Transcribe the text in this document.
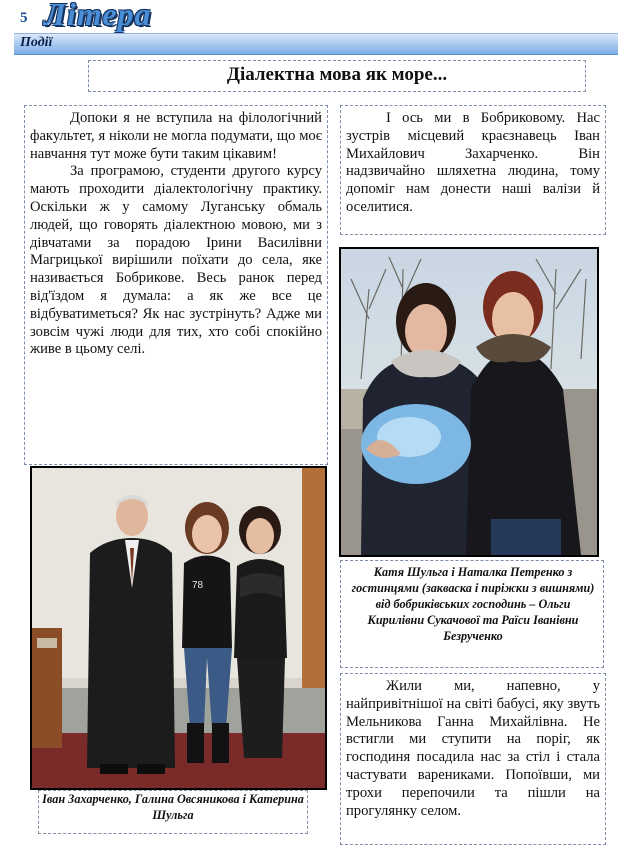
5 Літера
Події
Діалектна мова як море...

Допоки я не вступила на філологічний факультет, я ніколи не могла подумати, що моє навчання тут може бути таким цікавим!

За програмою, студенти другого курсу мають проходити діалектологічну практику. Оскільки ж у самому Луганську обмаль людей, що говорять діалектною мовою, ми з дівчатами за порадою Ірини Василівни Магрицької вирішили поїхати до села, яке називається Бобрикове. Весь ранок перед від'їздом я думала: а як же все це відбуватиметься? Як нас зустрінуть? Адже ми зовсім чужі люди для тих, хто собі спокійно живе в цьому селі.

І ось ми в Бобриковому. Нас зустрів місцевий краєзнавець Іван Михайлович Захарченко. Він надзвичайно шляхетна людина, тому допоміг нам донести наші валізи й оселитися.

Катя Шульга і Наталка Петренко з гостинцями (закваска і пиріжки з вишнями) від бобриківських господинь – Ольги Кирилівни Сукачової та Раїси Іванівни Безрученко
78
Іван Захарченко, Галина Овсяникова і Катерина Шульга

Жили ми, напевно, у найпривітнішої на світі бабусі, яку звуть Мельникова Ганна Михайлівна. Не встигли ми ступити на поріг, як господиня посадила нас за стіл і стала частувати варениками. Попоївши, ми трохи перепочили та пішли на прогулянку селом.
